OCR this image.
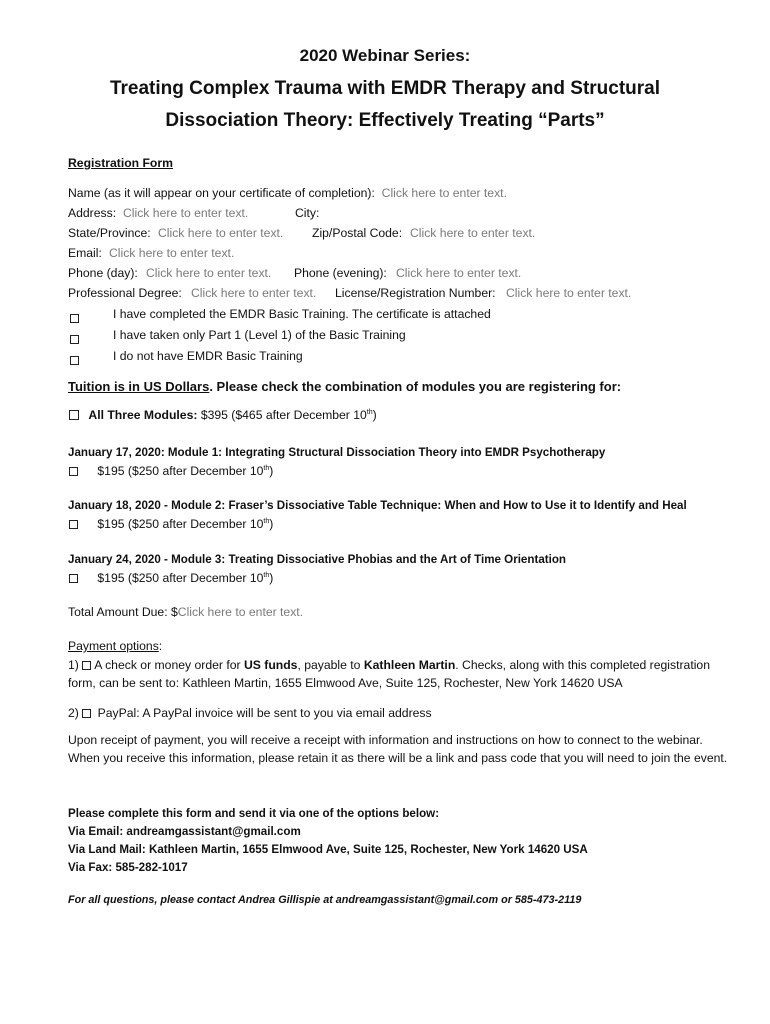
2020 Webinar Series:
Treating Complex Trauma with EMDR Therapy and Structural
Dissociation Theory: Effectively Treating “Parts”
Registration Form
Name (as it will appear on your certificate of completion): Click here to enter text.
Address: Click here to enter text.	City:
State/Province: Click here to enter text. Zip/Postal Code: Click here to enter text.
Email: Click here to enter text.
Phone (day): Click here to enter text. Phone (evening): Click here to enter text.
Professional Degree: Click here to enter text. License/Registration Number: Click here to enter text.
I have completed the EMDR Basic Training. The certificate is attached
I have taken only Part 1 (Level 1) of the Basic Training
I do not have EMDR Basic Training
Tuition is in US Dollars. Please check the combination of modules you are registering for:
All Three Modules: $395 ($465 after December 10th)
January 17, 2020: Module 1: Integrating Structural Dissociation Theory into EMDR Psychotherapy
$195 ($250 after December 10th)
January 18, 2020 - Module 2: Fraser’s Dissociative Table Technique: When and How to Use it to Identify and Heal
$195 ($250 after December 10th)
January 24, 2020 - Module 3: Treating Dissociative Phobias and the Art of Time Orientation
$195 ($250 after December 10th)
Total Amount Due: $Click here to enter text.
Payment options:
1) A check or money order for US funds, payable to Kathleen Martin. Checks, along with this completed registration form, can be sent to: Kathleen Martin, 1655 Elmwood Ave, Suite 125, Rochester, New York 14620 USA
2) PayPal: A PayPal invoice will be sent to you via email address
Upon receipt of payment, you will receive a receipt with information and instructions on how to connect to the webinar. When you receive this information, please retain it as there will be a link and pass code that you will need to join the event.
Please complete this form and send it via one of the options below:
Via Email: andreamgassistant@gmail.com
Via Land Mail: Kathleen Martin, 1655 Elmwood Ave, Suite 125, Rochester, New York 14620 USA
Via Fax: 585-282-1017
For all questions, please contact Andrea Gillispie at andreamgassistant@gmail.com or 585-473-2119
